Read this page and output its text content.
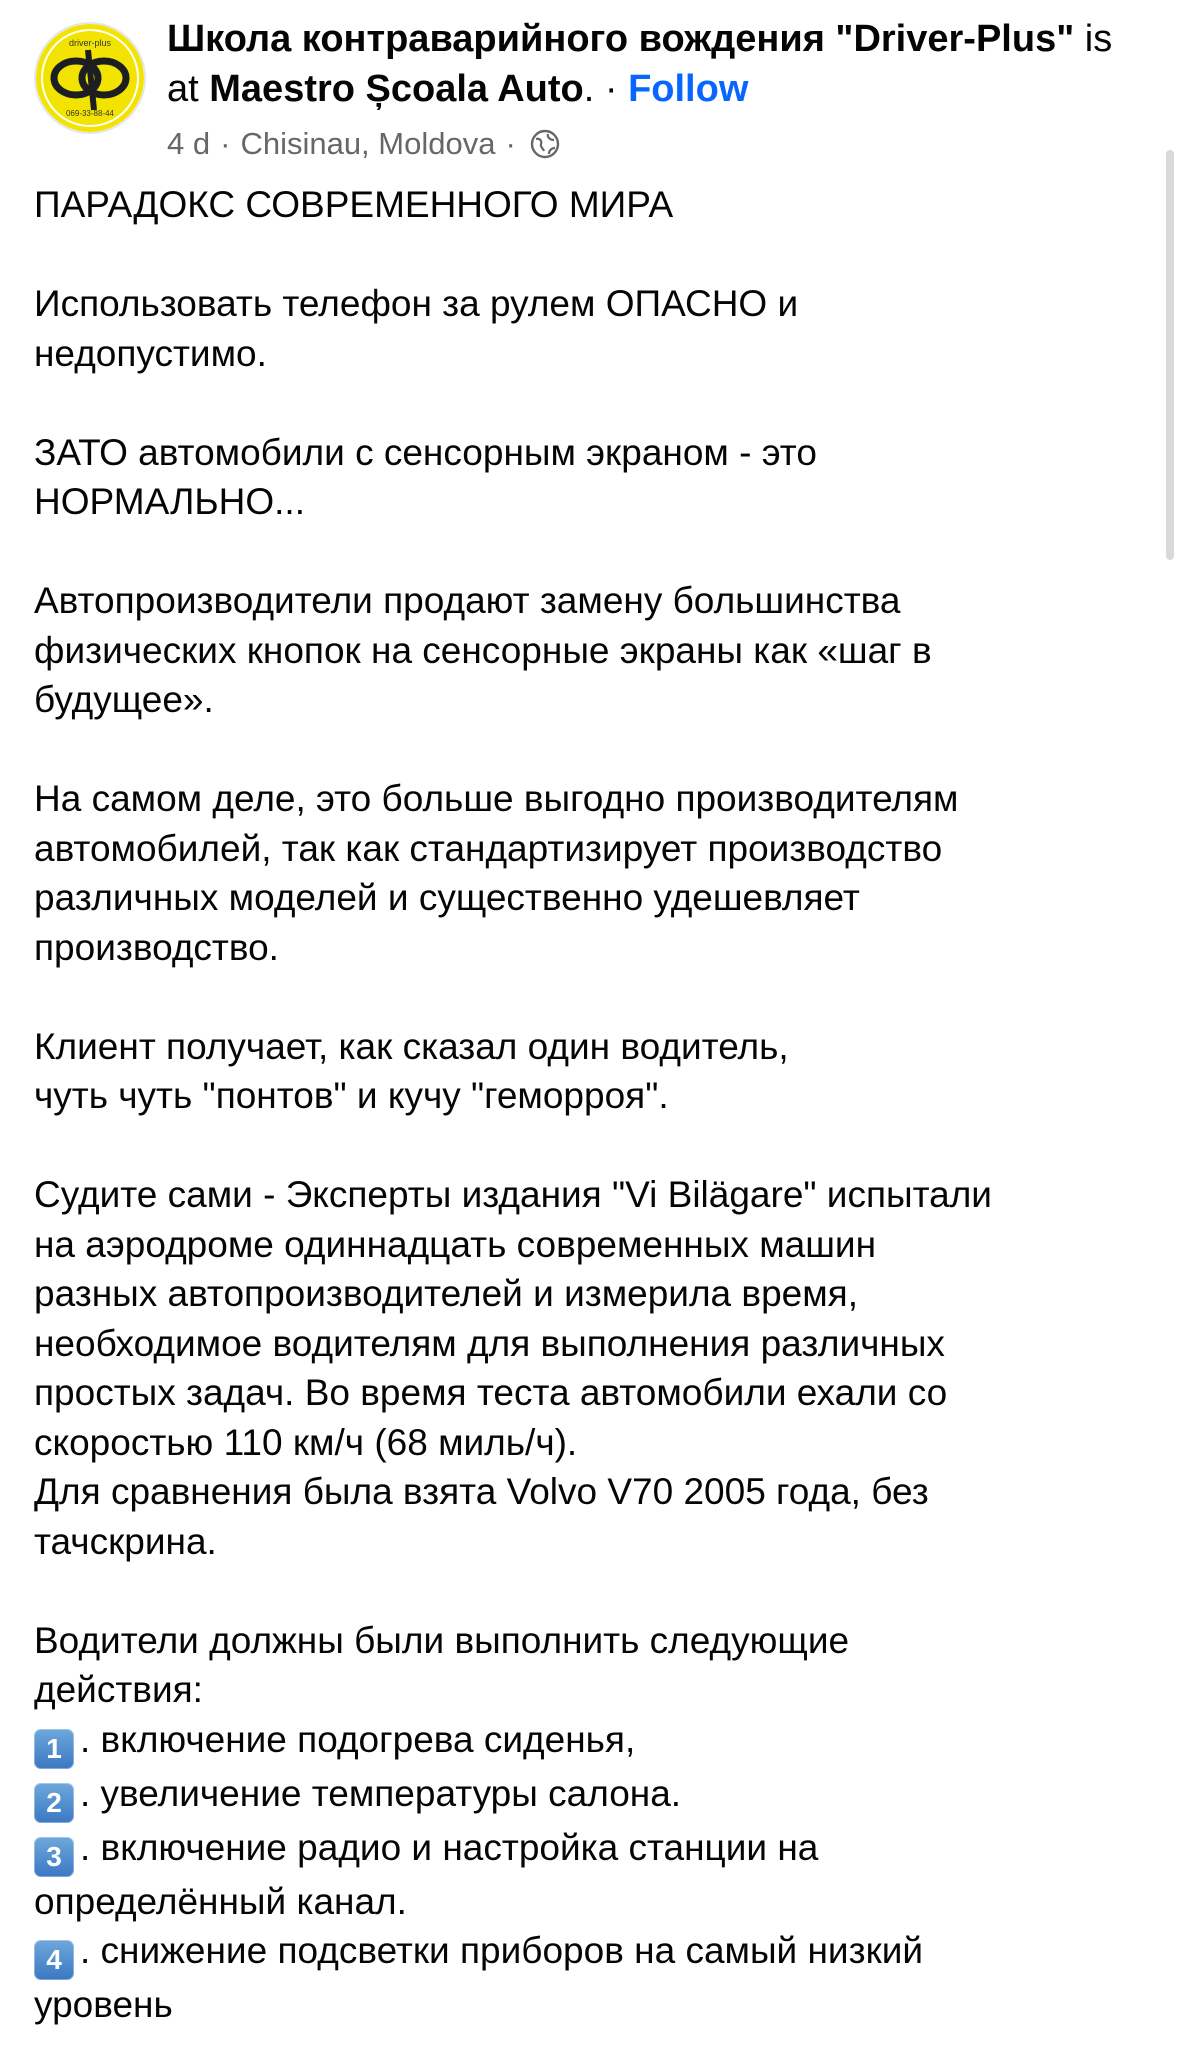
driver-plus
069-33-88-44
Школа контраварийного вождения "Driver-Plus" is at Maestro Școala Auto. · Follow
4 d · Chisinau, Moldova ·

ПАРАДОКС СОВРЕМЕННОГО МИРА

Использовать телефон за рулем ОПАСНО и
недопустимо.

ЗАТО автомобили с сенсорным экраном - это
НОРМАЛЬНО...

Автопроизводители продают замену большинства
физических кнопок на сенсорные экраны как «шаг в
будущее».

На самом деле, это больше выгодно производителям
автомобилей, так как стандартизирует производство
различных моделей и существенно удешевляет
производство.

Клиент получает, как сказал один водитель,
чуть чуть "понтов" и кучу "геморроя".

Судите сами - Эксперты издания "Vi Bilägare" испытали
на аэродроме одиннадцать современных машин
разных автопроизводителей и измерила время,
необходимое водителям для выполнения различных
простых задач. Во время теста автомобили ехали со
скоростью 110 км/ч (68 миль/ч).
Для сравнения была взята Volvo V70 2005 года, без
тачскрина.

Водители должны были выполнить следующие
действия:

1 . включение подогрева сиденья,
2 . увеличение температуры салона.
3 . включение радио и настройка станции на
определённый канал.
4 . снижение подсветки приборов на самый низкий
уровень
